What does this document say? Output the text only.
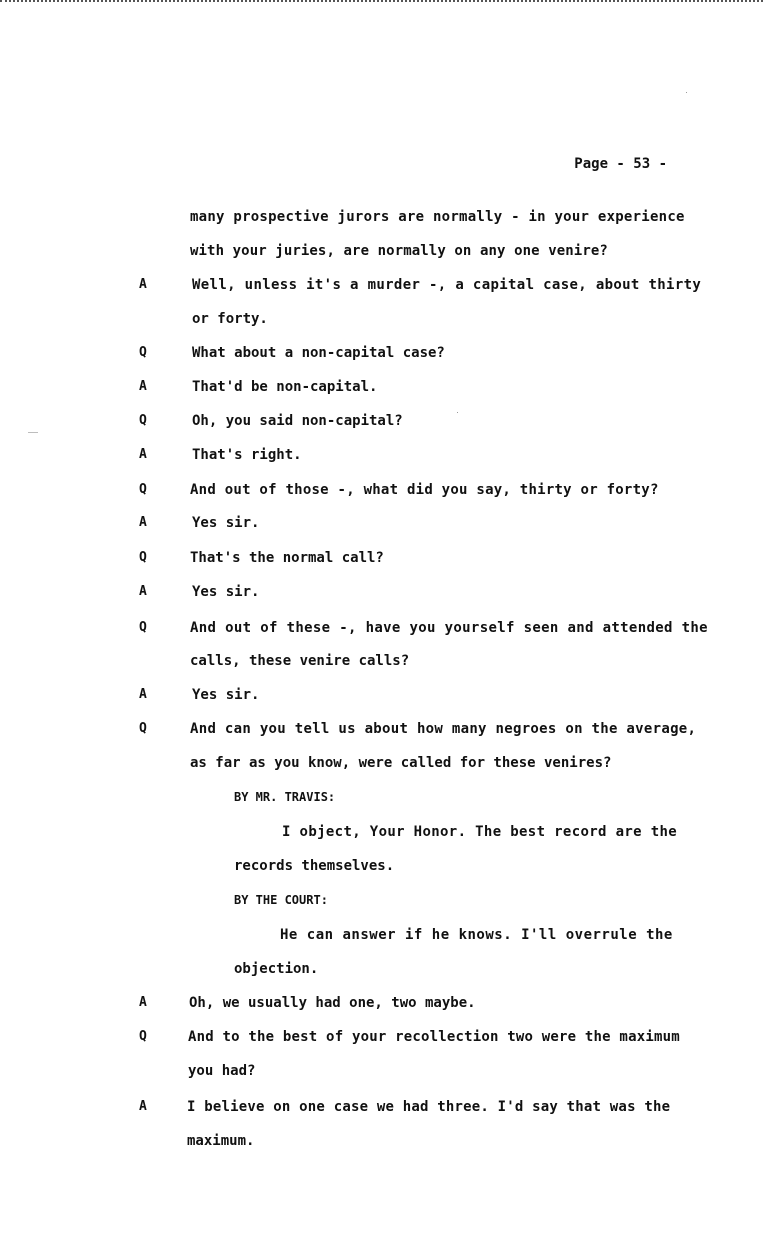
Page - 53 -
many prospective jurors are normally - in your experience
with your juries, are normally on any one venire?
A	Well, unless it's a murder -, a capital case, about thirty
or forty.
Q	What about a non-capital case?
A	That'd be non-capital.
Q	Oh, you said non-capital?
A	That's right.
Q	And out of those -, what did you say, thirty or forty?
A	Yes sir.
Q	That's the normal call?
A	Yes sir.
Q	And out of these -, have you yourself seen and attended the
calls, these venire calls?
A	Yes sir.
Q	And can you tell us about how many negroes on the average,
as far as you know, were called for these venires?
BY MR. TRAVIS:
I object, Your Honor. The best record are the
records themselves.
BY THE COURT:
He can answer if he knows. I'll overrule the
objection.
A	Oh, we usually had one, two maybe.
Q	And to the best of your recollection two were the maximum
you had?
A	I believe on one case we had three. I'd say that was the
maximum.
